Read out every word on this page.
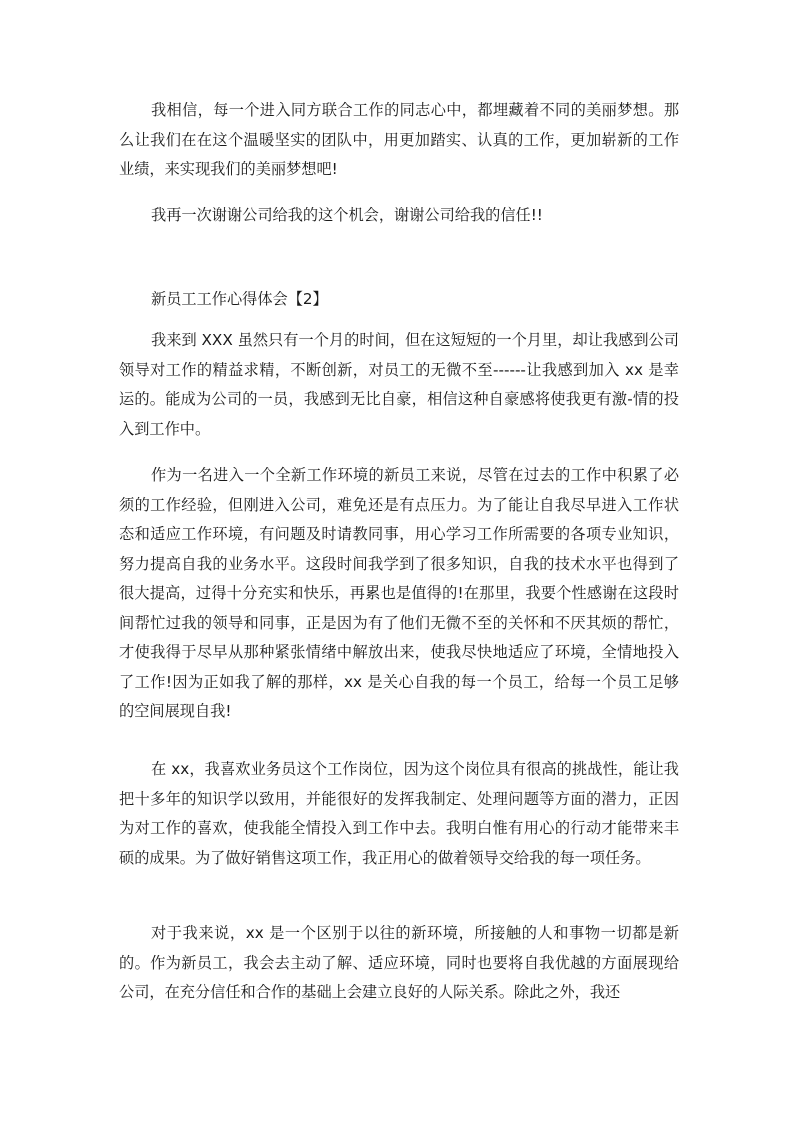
我相信，每一个进入同方联合工作的同志心中，都埋藏着不同的美丽梦想。那么让我们在在这个温暖坚实的团队中，用更加踏实、认真的工作，更加崭新的工作业绩，来实现我们的美丽梦想吧!

我再一次谢谢公司给我的这个机会，谢谢公司给我的信任!!

新员工工作心得体会【2】

我来到 XXX 虽然只有一个月的时间，但在这短短的一个月里，却让我感到公司领导对工作的精益求精，不断创新，对员工的无微不至------让我感到加入 xx 是幸运的。能成为公司的一员，我感到无比自豪，相信这种自豪感将使我更有激-情的投入到工作中。

作为一名进入一个全新工作环境的新员工来说，尽管在过去的工作中积累了必须的工作经验，但刚进入公司，难免还是有点压力。为了能让自我尽早进入工作状态和适应工作环境，有问题及时请教同事，用心学习工作所需要的各项专业知识，努力提高自我的业务水平。这段时间我学到了很多知识，自我的技术水平也得到了很大提高，过得十分充实和快乐，再累也是值得的!在那里，我要个性感谢在这段时间帮忙过我的领导和同事，正是因为有了他们无微不至的关怀和不厌其烦的帮忙，才使我得于尽早从那种紧张情绪中解放出来，使我尽快地适应了环境，全情地投入了工作!因为正如我了解的那样，xx 是关心自我的每一个员工，给每一个员工足够的空间展现自我!

在 xx，我喜欢业务员这个工作岗位，因为这个岗位具有很高的挑战性，能让我把十多年的知识学以致用，并能很好的发挥我制定、处理问题等方面的潜力，正因为对工作的喜欢，使我能全情投入到工作中去。我明白惟有用心的行动才能带来丰硕的成果。为了做好销售这项工作，我正用心的做着领导交给我的每一项任务。

对于我来说，xx 是一个区别于以往的新环境，所接触的人和事物一切都是新的。作为新员工，我会去主动了解、适应环境，同时也要将自我优越的方面展现给公司，在充分信任和合作的基础上会建立良好的人际关系。除此之外，我还
